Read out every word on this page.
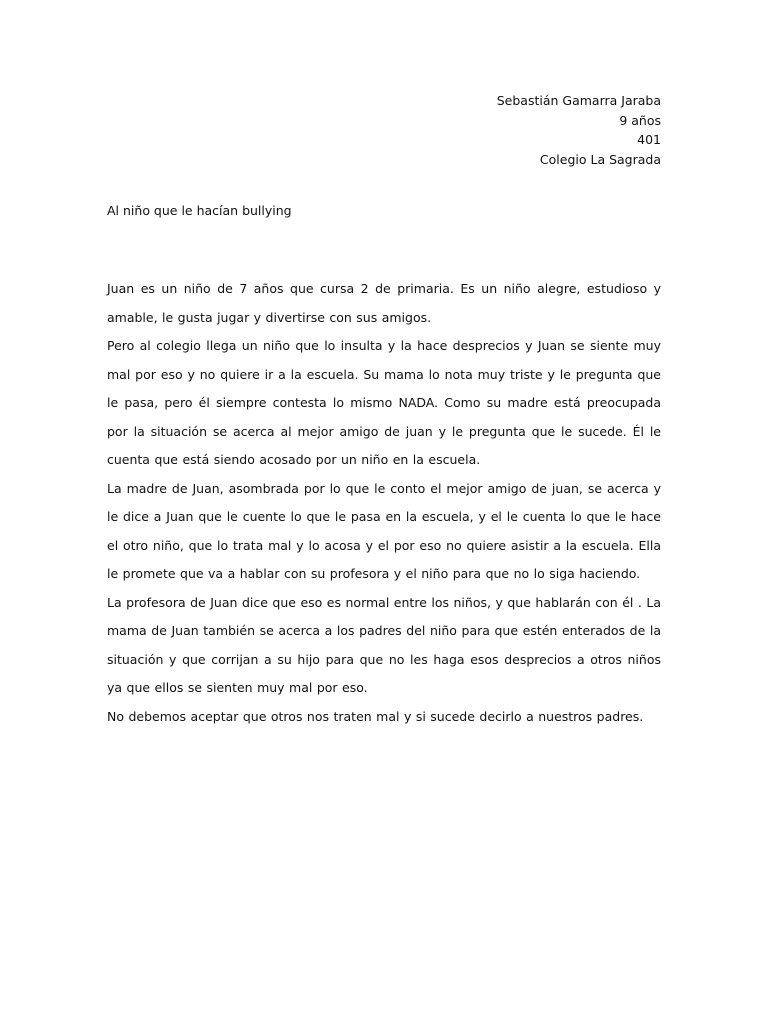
Sebastián Gamarra Jaraba
9 años
401
Colegio La Sagrada
Al niño que le hacían bullying

Juan es un niño de 7 años que cursa 2 de primaria. Es un niño alegre, estudioso y amable, le gusta jugar y divertirse con sus amigos.

Pero al colegio llega un niño que lo insulta y la hace desprecios y Juan se siente muy mal por eso y no quiere ir a la escuela. Su mama lo nota muy triste y le pregunta que le pasa, pero él siempre contesta lo mismo NADA. Como su madre está preocupada por la situación se acerca al mejor amigo de juan y le pregunta que le sucede. Él le cuenta que está siendo acosado por un niño en la escuela.

La madre de Juan, asombrada por lo que le conto el mejor amigo de juan, se acerca y le dice a Juan que le cuente lo que le pasa en la escuela, y el le cuenta lo que le hace el otro niño, que lo trata mal y lo acosa y el por eso no quiere asistir a la escuela. Ella le promete que va a hablar con su profesora y el niño para que no lo siga haciendo.

La profesora de Juan dice que eso es normal entre los niños, y que hablarán con él . La mama de Juan también se acerca a los padres del niño para que estén enterados de la situación y que corrijan a su hijo para que no les haga esos desprecios a otros niños ya que ellos se sienten muy mal por eso.

No debemos aceptar que otros nos traten mal y si sucede decirlo a nuestros padres.
